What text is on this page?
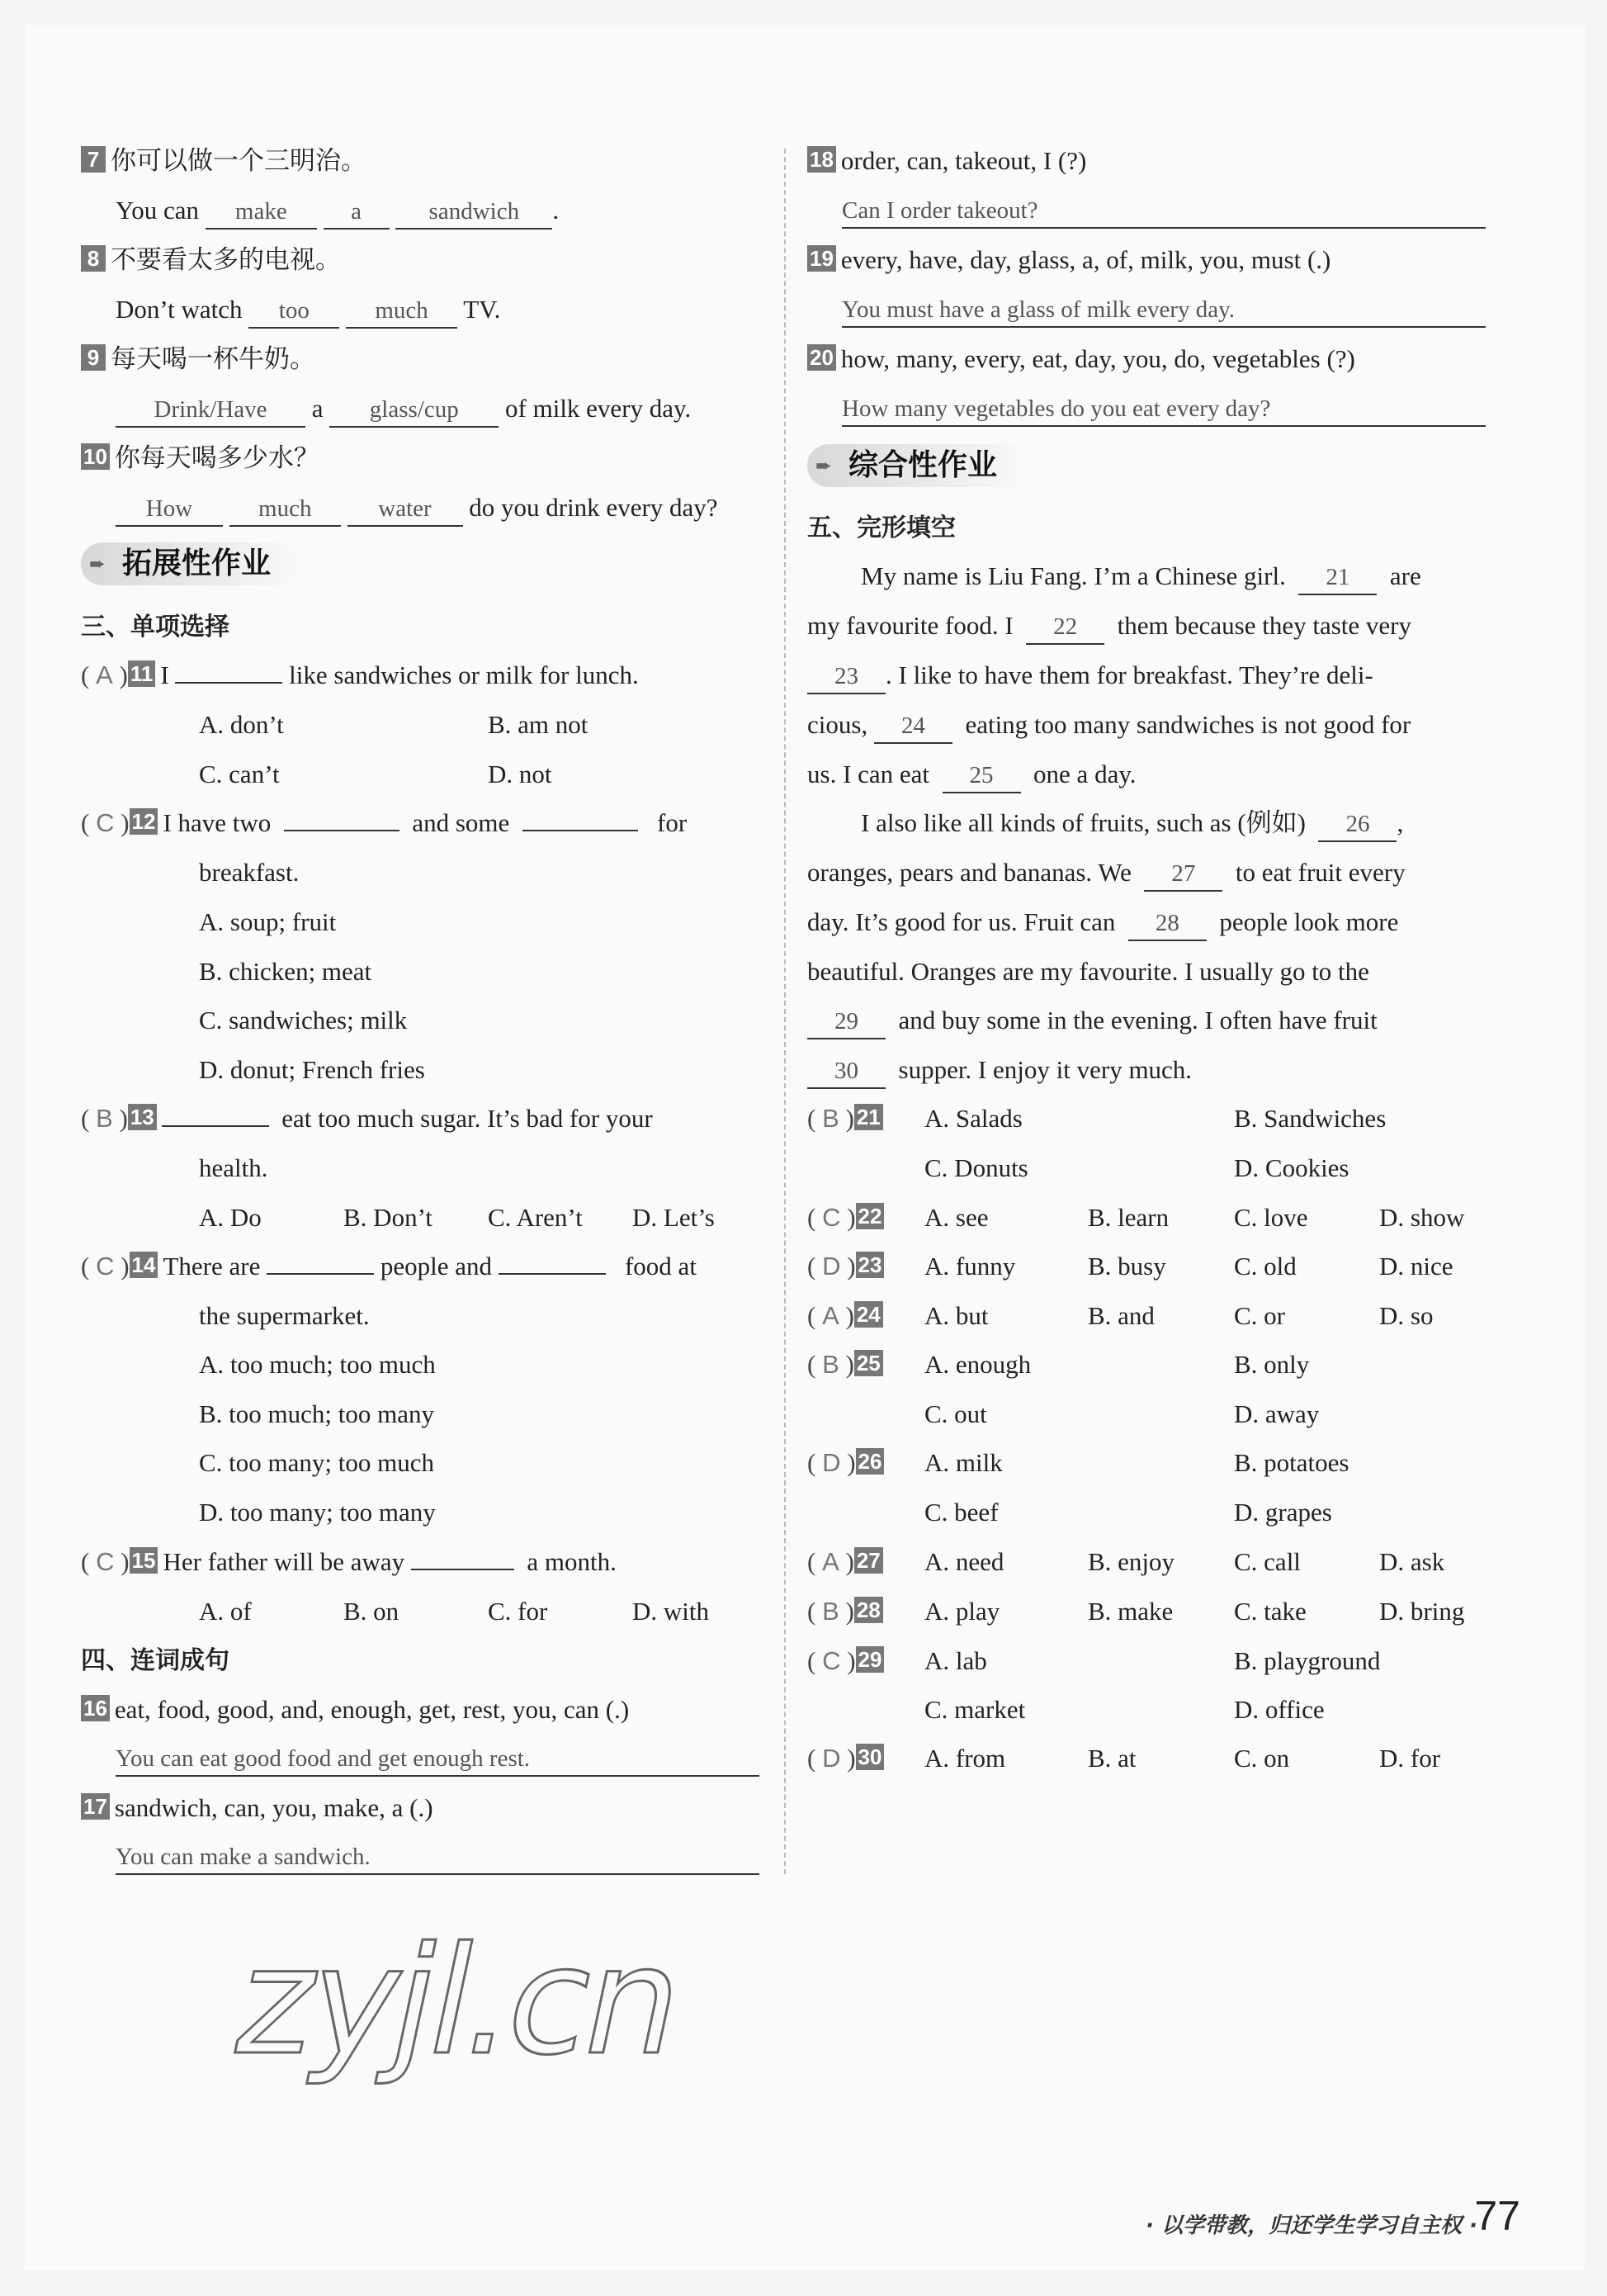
7 你可以做一个三明治。
You can make	a	sandwich .
8 不要看太多的电视。
Don’t watch too	much TV.
9 每天喝一杯牛奶。
Drink/Have a glass/cup of milk every day.
10 你每天喝多少水？
How	much	water do you drink every day?
➨ 拓展性作业
三、单项选择
( A ) 11 I	like sandwiches or milk for lunch.
A. don’t	B. am not
C. can’t	D. not
( C ) 12 I have two	and some	for
breakfast.
A. soup; fruit
B. chicken; meat
C. sandwiches; milk
D. donut; French fries
( B ) 13	eat too much sugar. It’s bad for your
health.
A. Do	B. Don’t C. Aren’t D. Let’s
( C ) 14 There are	people and	food at
the supermarket.
A. too much; too much
B. too much; too many
C. too many; too much
D. too many; too many
( C ) 15 Her father will be away	a month.
A. of	B. on	C. for	D. with
四、连词成句
16 eat, food, good, and, enough, get, rest, you, can (.)
You can eat good food and get enough rest.
17 sandwich, can, you, make, a (.)
You can make a sandwich.
18 order, can, takeout, I (?)
Can I order takeout?
19 every, have, day, glass, a, of, milk, you, must (.)
You must have a glass of milk every day.
20 how, many, every, eat, day, you, do, vegetables (?)
How many vegetables do you eat every day?
➨ 综合性作业
五、完形填空
My name is Liu Fang. I’m a Chinese girl. 21 are
my favourite food. I 22 them because they taste very
23 . I like to have them for breakfast. They’re deli-
cious, 24 eating too many sandwiches is not good for
us. I can eat 25 one a day.
I also like all kinds of fruits, such as (例如) 26 ,
oranges, pears and bananas. We 27 to eat fruit every
day. It’s good for us. Fruit can 28 people look more
beautiful. Oranges are my favourite. I usually go to the
29 and buy some in the evening. I often have fruit
30 supper. I enjoy it very much.
( B ) 21 A. Salads	B. Sandwiches
C. Donuts	D. Cookies
( C ) 22 A. see	B. learn	C. love	D. show
( D ) 23 A. funny	B. busy	C. old	D. nice
( A ) 24 A. but	B. and	C. or	D. so
( B ) 25 A. enough	B. only
C. out	D. away
( D ) 26 A. milk	B. potatoes
C. beef	D. grapes
( A ) 27 A. need	B. enjoy C. call	D. ask
( B ) 28 A. play	B. make C. take	D. bring
( C ) 29 A. lab	B. playground
C. market	D. office
( D ) 30 A. from	B. at	C. on	D. for
zyjl.cn
· 以学带教，归还学生学习自主权 ·
77
